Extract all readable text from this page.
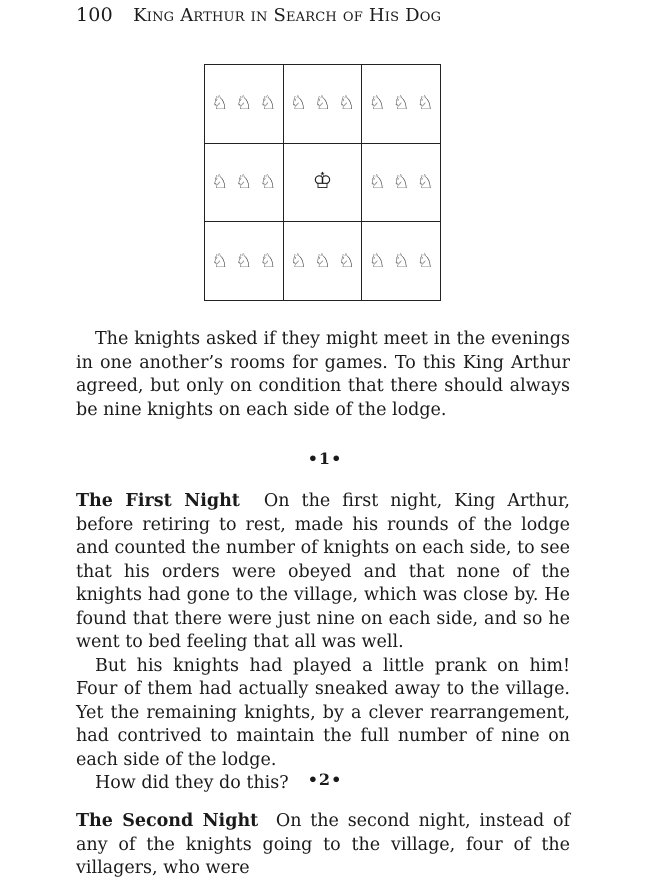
100 King Arthur in Search of His Dog
♘ ♘ ♘ ♘ ♘ ♘ ♘ ♘ ♘
♘ ♘ ♘ ♔ ♘ ♘ ♘
♘ ♘ ♘ ♘ ♘ ♘ ♘ ♘ ♘

The knights asked if they might meet in the evenings in one another’s rooms for games. To this King Arthur agreed, but only on condition that there should always be nine knights on each side of the lodge.

•1•

The First Night On the first night, King Arthur, before retiring to rest, made his rounds of the lodge and counted the number of knights on each side, to see that his orders were obeyed and that none of the knights had gone to the village, which was close by. He found that there were just nine on each side, and so he went to bed feeling that all was well.

But his knights had played a little prank on him! Four of them had actually sneaked away to the village. Yet the remaining knights, by a clever rearrangement, had contrived to maintain the full number of nine on each side of the lodge.

How did they do this?	•2•

The Second Night On the second night, instead of any of the knights going to the village, four of the villagers, who were
